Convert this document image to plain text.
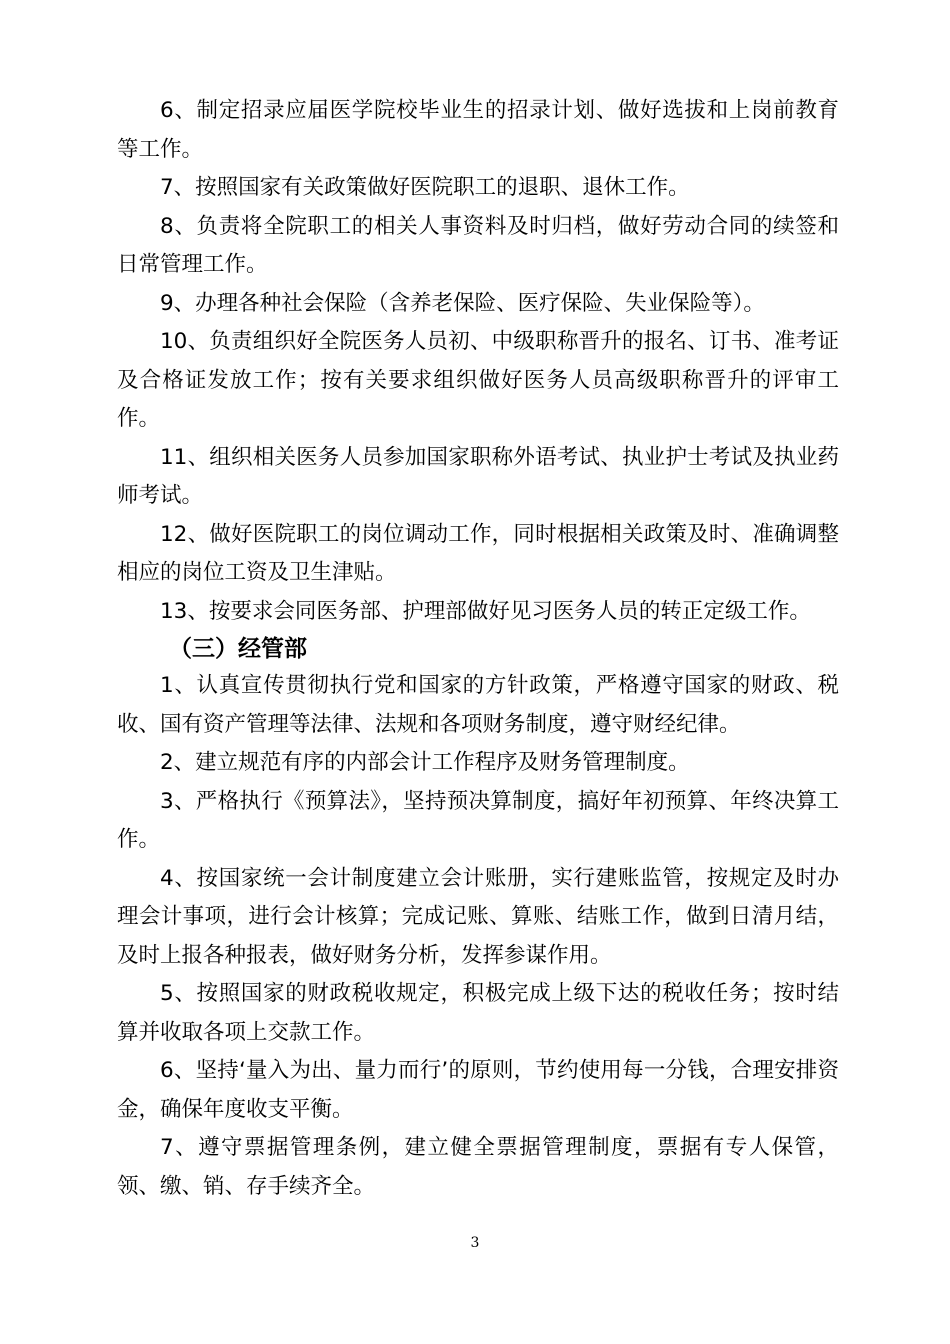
6、制定招录应届医学院校毕业生的招录计划、做好选拔和上岗前教育等工作。

7、按照国家有关政策做好医院职工的退职、退休工作。

8、负责将全院职工的相关人事资料及时归档，做好劳动合同的续签和日常管理工作。

9、办理各种社会保险（含养老保险、医疗保险、失业保险等）。

10、负责组织好全院医务人员初、中级职称晋升的报名、订书、准考证及合格证发放工作；按有关要求组织做好医务人员高级职称晋升的评审工作。

11、组织相关医务人员参加国家职称外语考试、执业护士考试及执业药师考试。

12、做好医院职工的岗位调动工作，同时根据相关政策及时、准确调整相应的岗位工资及卫生津贴。

13、按要求会同医务部、护理部做好见习医务人员的转正定级工作。

（三）经管部

1、认真宣传贯彻执行党和国家的方针政策，严格遵守国家的财政、税收、国有资产管理等法律、法规和各项财务制度，遵守财经纪律。

2、建立规范有序的内部会计工作程序及财务管理制度。

3、严格执行《预算法》，坚持预决算制度，搞好年初预算、年终决算工作。

4、按国家统一会计制度建立会计账册，实行建账监管，按规定及时办理会计事项，进行会计核算；完成记账、算账、结账工作，做到日清月结，及时上报各种报表，做好财务分析，发挥参谋作用。

5、按照国家的财政税收规定，积极完成上级下达的税收任务；按时结算并收取各项上交款工作。

6、坚持‘量入为出、量力而行’的原则，节约使用每一分钱，合理安排资金，确保年度收支平衡。

7、遵守票据管理条例，建立健全票据管理制度，票据有专人保管，领、缴、销、存手续齐全。

3
